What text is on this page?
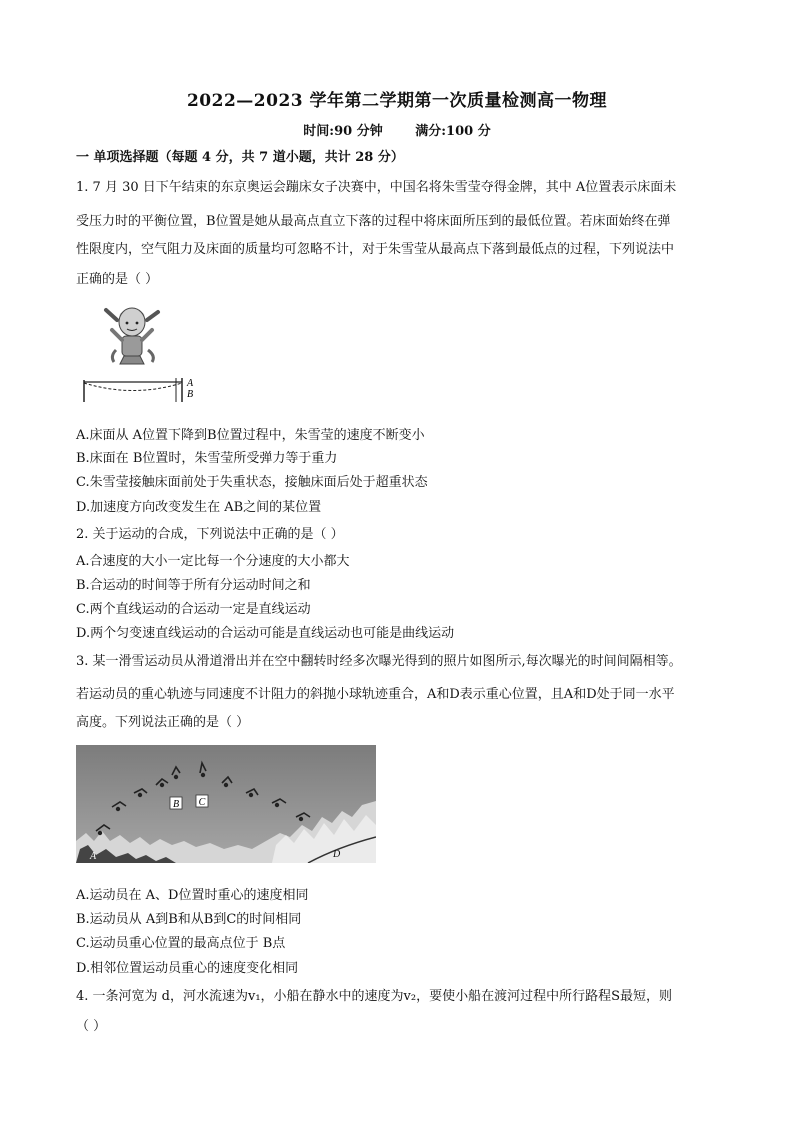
2022—2023 学年第二学期第一次质量检测高一物理
时间:90 分钟	满分:100 分
一 单项选择题（每题 4 分，共 7 道小题，共计 28 分）
1. 7 月 30 日下午结束的东京奥运会蹦床女子决赛中，中国名将朱雪莹夺得金牌，其中 A位置表示床面未
受压力时的平衡位置，B位置是她从最高点直立下落的过程中将床面所压到的最低位置。若床面始终在弹
性限度内，空气阻力及床面的质量均可忽略不计，对于朱雪莹从最高点下落到最低点的过程，下列说法中
正确的是（ ）
A
B
A.床面从 A位置下降到B位置过程中，朱雪莹的速度不断变小
B.床面在 B位置时，朱雪莹所受弹力等于重力
C.朱雪莹接触床面前处于失重状态，接触床面后处于超重状态
D.加速度方向改变发生在 AB之间的某位置
2. 关于运动的合成，下列说法中正确的是（ ）
A.合速度的大小一定比每一个分速度的大小都大
B.合运动的时间等于所有分运动时间之和
C.两个直线运动的合运动一定是直线运动
D.两个匀变速直线运动的合运动可能是直线运动也可能是曲线运动
3. 某一滑雪运动员从滑道滑出并在空中翻转时经多次曝光得到的照片如图所示,每次曝光的时间间隔相等。
若运动员的重心轨迹与同速度不计阻力的斜抛小球轨迹重合，A和D表示重心位置，且A和D处于同一水平
高度。下列说法正确的是（ ）
B C
A	D
A.运动员在 A、D位置时重心的速度相同
B.运动员从 A到B和从B到C的时间相同
C.运动员重心位置的最高点位于 B点
D.相邻位置运动员重心的速度变化相同
4. 一条河宽为 d，河水流速为v₁，小船在静水中的速度为v₂，要使小船在渡河过程中所行路程S最短，则
（ ）
